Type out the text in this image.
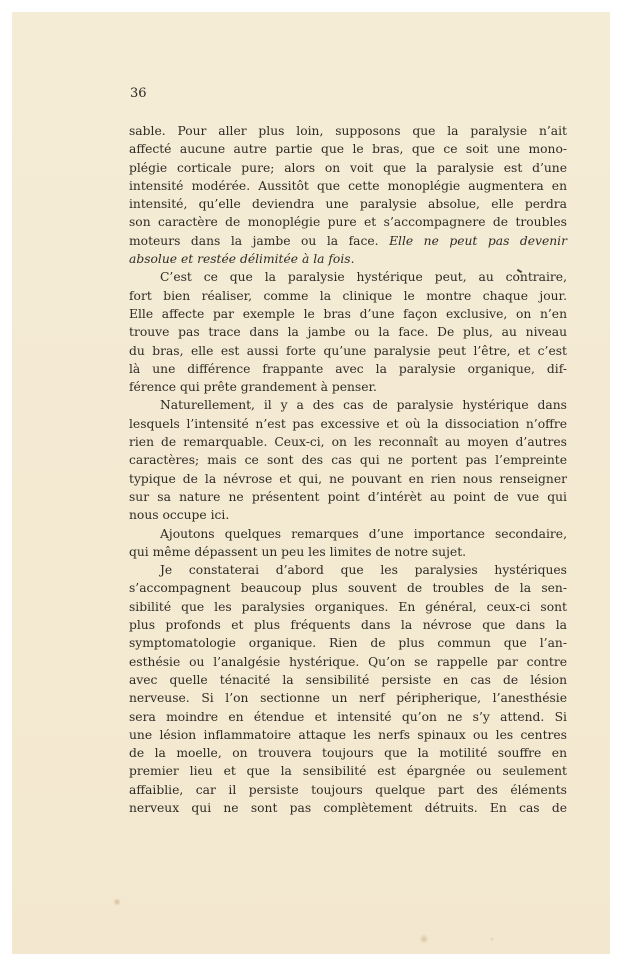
36
sable. Pour aller plus loin, supposons que la paralysie n’ait
affecté aucune autre partie que le bras, que ce soit une mono-
plégie corticale pure; alors on voit que la paralysie est d’une
intensité modérée. Aussitôt que cette monoplégie augmentera en
intensité, qu’elle deviendra une paralysie absolue, elle perdra
son caractère de monoplégie pure et s’accompagnere de troubles
moteurs dans la jambe ou la face. Elle ne peut pas devenir
absolue et restée délimitée à la fois.
C’est ce que la paralysie hystérique peut, au contraire,
fort bien réaliser, comme la clinique le montre chaque jour.
Elle affecte par exemple le bras d’une façon exclusive, on n’en
trouve pas trace dans la jambe ou la face. De plus, au niveau
du bras, elle est aussi forte qu’une paralysie peut l’être, et c’est
là une différence frappante avec la paralysie organique, dif-
férence qui prête grandement à penser.
Naturellement, il y a des cas de paralysie hystérique dans
lesquels l’intensité n’est pas excessive et où la dissociation n’offre
rien de remarquable. Ceux-ci, on les reconnaît au moyen d’autres
caractères; mais ce sont des cas qui ne portent pas l’empreinte
typique de la névrose et qui, ne pouvant en rien nous renseigner
sur sa nature ne présentent point d’intérèt au point de vue qui
nous occupe ici.
Ajoutons quelques remarques d’une importance secondaire,
qui même dépassent un peu les limites de notre sujet.
Je constaterai d’abord que les paralysies hystériques
s’accompagnent beaucoup plus souvent de troubles de la sen-
sibilité que les paralysies organiques. En général, ceux-ci sont
plus profonds et plus fréquents dans la névrose que dans la
symptomatologie organique. Rien de plus commun que l’an-
esthésie ou l’analgésie hystérique. Qu’on se rappelle par contre
avec quelle ténacité la sensibilité persiste en cas de lésion
nerveuse. Si l’on sectionne un nerf péripherique, l’anesthésie
sera moindre en étendue et intensité qu’on ne s’y attend. Si
une lésion inflammatoire attaque les nerfs spinaux ou les centres
de la moelle, on trouvera toujours que la motilité souffre en
premier lieu et que la sensibilité est épargnée ou seulement
affaiblie, car il persiste toujours quelque part des éléments
nerveux qui ne sont pas complètement détruits. En cas de
